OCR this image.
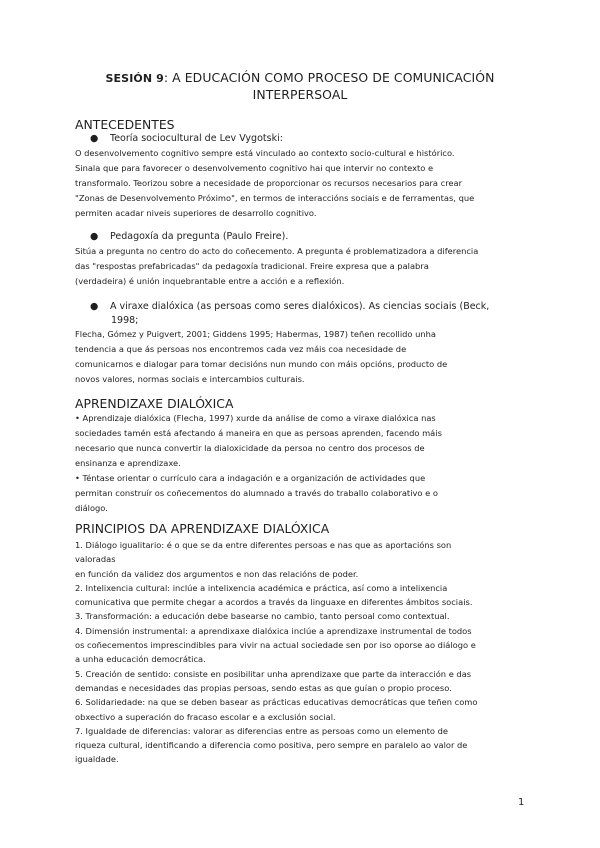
SESIÓN 9: A EDUCACIÓN COMO PROCESO DE COMUNICACIÓN
INTERPERSOAL
ANTECEDENTES
● Teoría sociocultural de Lev Vygotski:
O desenvolvemento cognitivo sempre está vinculado ao contexto socio-cultural e histórico.
Sinala que para favorecer o desenvolvemento cognitivo hai que intervir no contexto e
transformalo. Teorizou sobre a necesidade de proporcionar os recursos necesarios para crear
"Zonas de Desenvolvemento Próximo", en termos de interaccións sociais e de ferramentas, que
permiten acadar niveis superiores de desarrollo cognitivo.
● Pedagoxía da pregunta (Paulo Freire).
Sitúa a pregunta no centro do acto do coñecemento. A pregunta é problematizadora a diferencia
das "respostas prefabricadas" da pedagoxía tradicional. Freire expresa que a palabra
(verdadeira) é unión inquebrantable entre a acción e a reflexión.
● A viraxe dialóxica (as persoas como seres dialóxicos). As ciencias sociais (Beck,
1998;
Flecha, Gómez y Puigvert, 2001; Giddens 1995; Habermas, 1987) teñen recollido unha
tendencia a que ás persoas nos encontremos cada vez máis coa necesidade de
comunicarnos e dialogar para tomar decisións nun mundo con máis opcións, producto de
novos valores, normas sociais e intercambios culturais.
APRENDIZAXE DIALÓXICA
• Aprendizaje dialóxica (Flecha, 1997) xurde da análise de como a viraxe dialóxica nas
sociedades tamén está afectando á maneira en que as persoas aprenden, facendo máis
necesario que nunca convertir la dialoxicidade da persoa no centro dos procesos de
ensinanza e aprendizaxe.
• Téntase orientar o currículo cara a indagación e a organización de actividades que
permitan construír os coñecementos do alumnado a través do traballo colaborativo e o
diálogo.
PRINCIPIOS DA APRENDIZAXE DIALÓXICA
1. Diálogo igualitario: é o que se da entre diferentes persoas e nas que as aportacións son
valoradas
en función da validez dos argumentos e non das relacións de poder.
2. Intelixencia cultural: inclúe a intelixencia académica e práctica, así como a intelixencia
comunicativa que permite chegar a acordos a través da linguaxe en diferentes ámbitos sociais.
3. Transformación: a educación debe basearse no cambio, tanto persoal como contextual.
4. Dimensión instrumental: a aprendixaxe dialóxica inclúe a aprendizaxe instrumental de todos
os coñecementos imprescindibles para vivir na actual sociedade sen por iso oporse ao diálogo e
a unha educación democrática.
5. Creación de sentido: consiste en posibilitar unha aprendizaxe que parte da interacción e das
demandas e necesidades das propias persoas, sendo estas as que guían o propio proceso.
6. Solidariedade: na que se deben basear as prácticas educativas democráticas que teñen como
obxectivo a superación do fracaso escolar e a exclusión social.
7. Igualdade de diferencias: valorar as diferencias entre as persoas como un elemento de
riqueza cultural, identificando a diferencia como positiva, pero sempre en paralelo ao valor de
igualdade.
1
